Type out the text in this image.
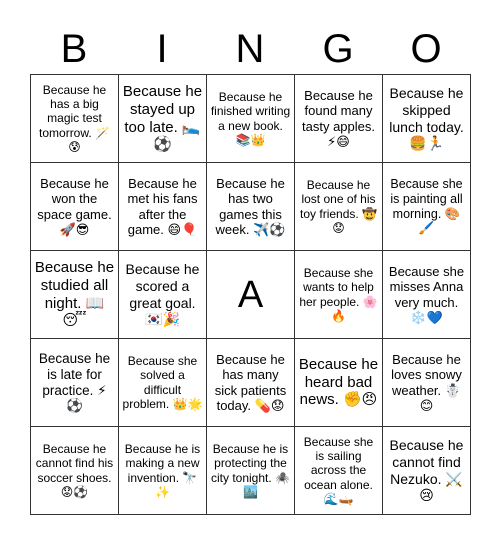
B	I	N	G	O
Because he has a big magic test tomorrow. 🪄😰
Because he stayed up too late. 🛌⚽
Because he finished writing a new book. 📚👑
Because he found many tasty apples. ⚡😄
Because he skipped lunch today. 🍔🏃
Because he won the space game. 🚀😎
Because he met his fans after the game. 😄🎈
Because he has two games this week. ✈️⚽
Because he lost one of his toy friends. 🤠😟
Because she is painting all morning. 🎨🖌️
Because he studied all night. 📖😴
Because he scored a great goal. 🇰🇷🎉
A
Because she wants to help her people. 🌸🔥
Because she misses Anna very much. ❄️💙
Because he is late for practice. ⚡⚽
Because she solved a difficult problem. 👑🌟
Because he has many sick patients today. 💊😟
Because he heard bad news. ✊😠
Because he loves snowy weather. ☃️😊
Because he cannot find his soccer shoes. 😟⚽
Because he is making a new invention. 🔭✨
Because he is protecting the city tonight. 🕷️🏙️
Because she is sailing across the ocean alone. 🌊🛶
Because he cannot find Nezuko. ⚔️😢
